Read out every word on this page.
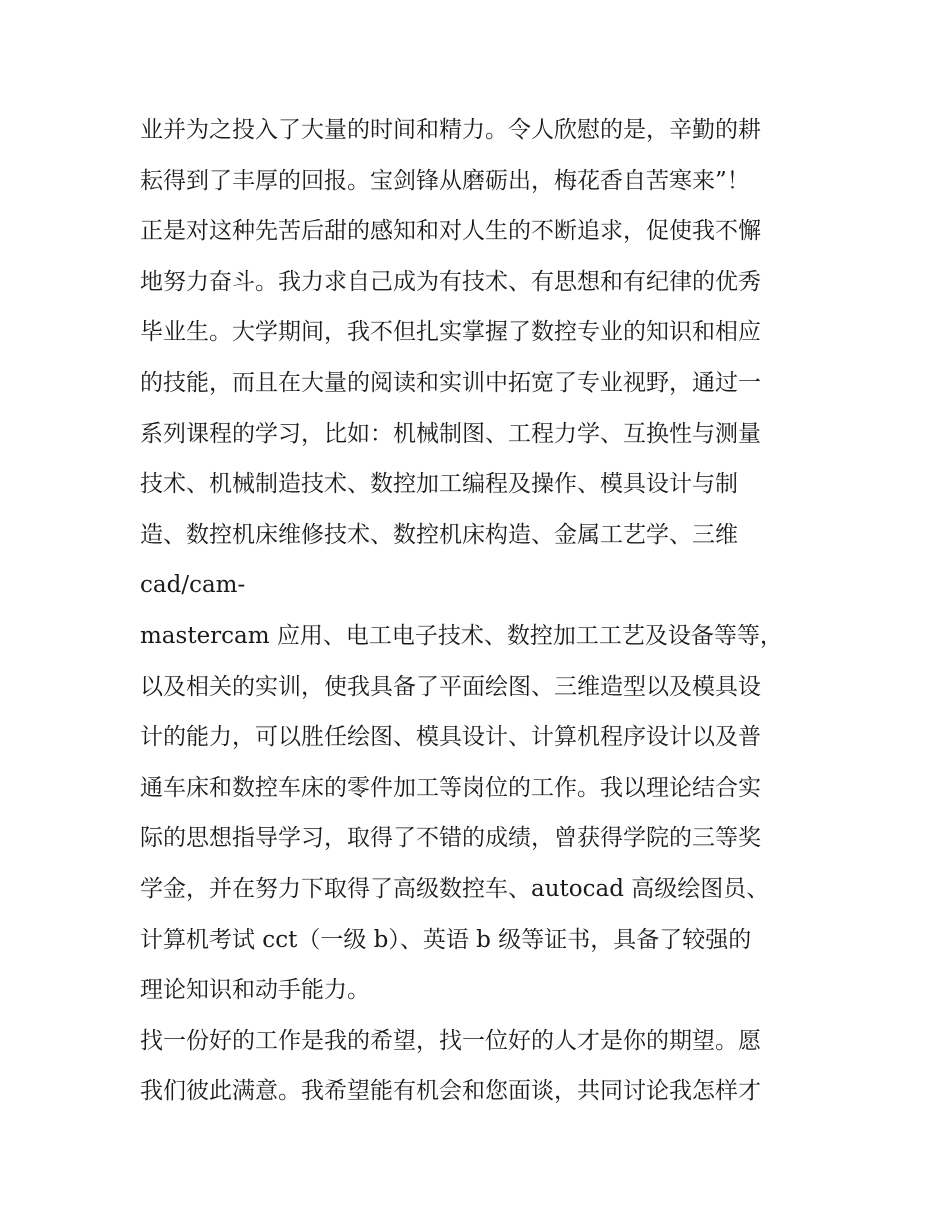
业并为之投入了大量的时间和精力。令人欣慰的是，辛勤的耕

耘得到了丰厚的回报。宝剑锋从磨砺出，梅花香自苦寒来”！

正是对这种先苦后甜的感知和对人生的不断追求，促使我不懈

地努力奋斗。我力求自己成为有技术、有思想和有纪律的优秀

毕业生。大学期间，我不但扎实掌握了数控专业的知识和相应

的技能，而且在大量的阅读和实训中拓宽了专业视野，通过一

系列课程的学习，比如：机械制图、工程力学、互换性与测量

技术、机械制造技术、数控加工编程及操作、模具设计与制

造、数控机床维修技术、数控机床构造、金属工艺学、三维

cad/cam-

mastercam 应用、电工电子技术、数控加工工艺及设备等等，

以及相关的实训，使我具备了平面绘图、三维造型以及模具设

计的能力，可以胜任绘图、模具设计、计算机程序设计以及普

通车床和数控车床的零件加工等岗位的工作。我以理论结合实

际的思想指导学习，取得了不错的成绩，曾获得学院的三等奖

学金，并在努力下取得了高级数控车、autocad 高级绘图员、

计算机考试 cct（一级 b）、英语 b 级等证书，具备了较强的

理论知识和动手能力。

找一份好的工作是我的希望，找一位好的人才是你的期望。愿

我们彼此满意。我希望能有机会和您面谈，共同讨论我怎样才
